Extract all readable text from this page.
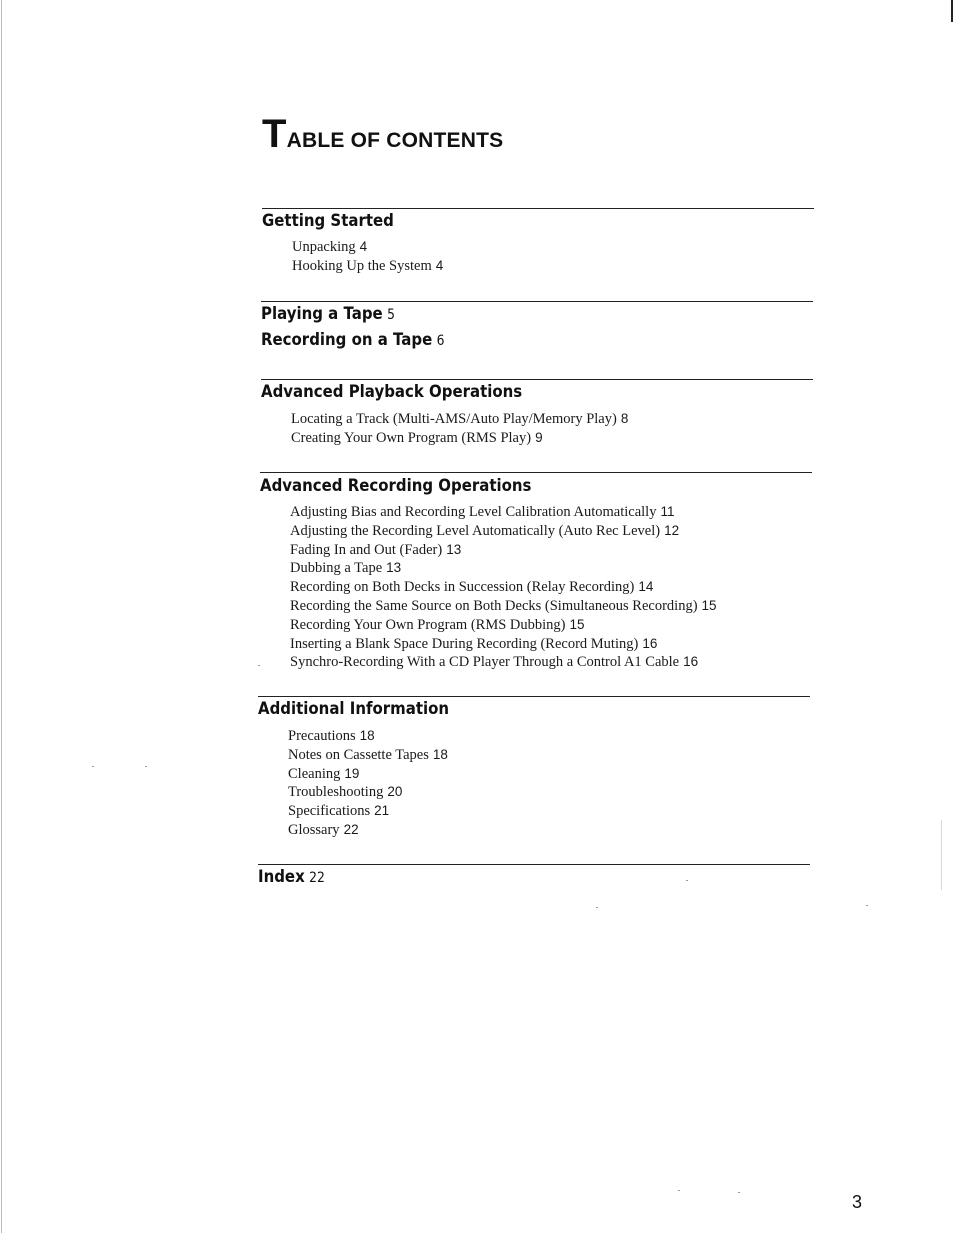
TABLE OF CONTENTS
Getting Started
Unpacking 4
Hooking Up the System 4
Playing a Tape 5
Recording on a Tape 6
Advanced Playback Operations
Locating a Track (Multi-AMS/Auto Play/Memory Play) 8
Creating Your Own Program (RMS Play) 9
Advanced Recording Operations
Adjusting Bias and Recording Level Calibration Automatically 11
Adjusting the Recording Level Automatically (Auto Rec Level) 12
Fading In and Out (Fader) 13
Dubbing a Tape 13
Recording on Both Decks in Succession (Relay Recording) 14
Recording the Same Source on Both Decks (Simultaneous Recording) 15
Recording Your Own Program (RMS Dubbing) 15
Inserting a Blank Space During Recording (Record Muting) 16
Synchro-Recording With a CD Player Through a Control A1 Cable 16
Additional Information
Precautions 18
Notes on Cassette Tapes 18
Cleaning 19
Troubleshooting 20
Specifications 21
Glossary 22
Index 22
3
